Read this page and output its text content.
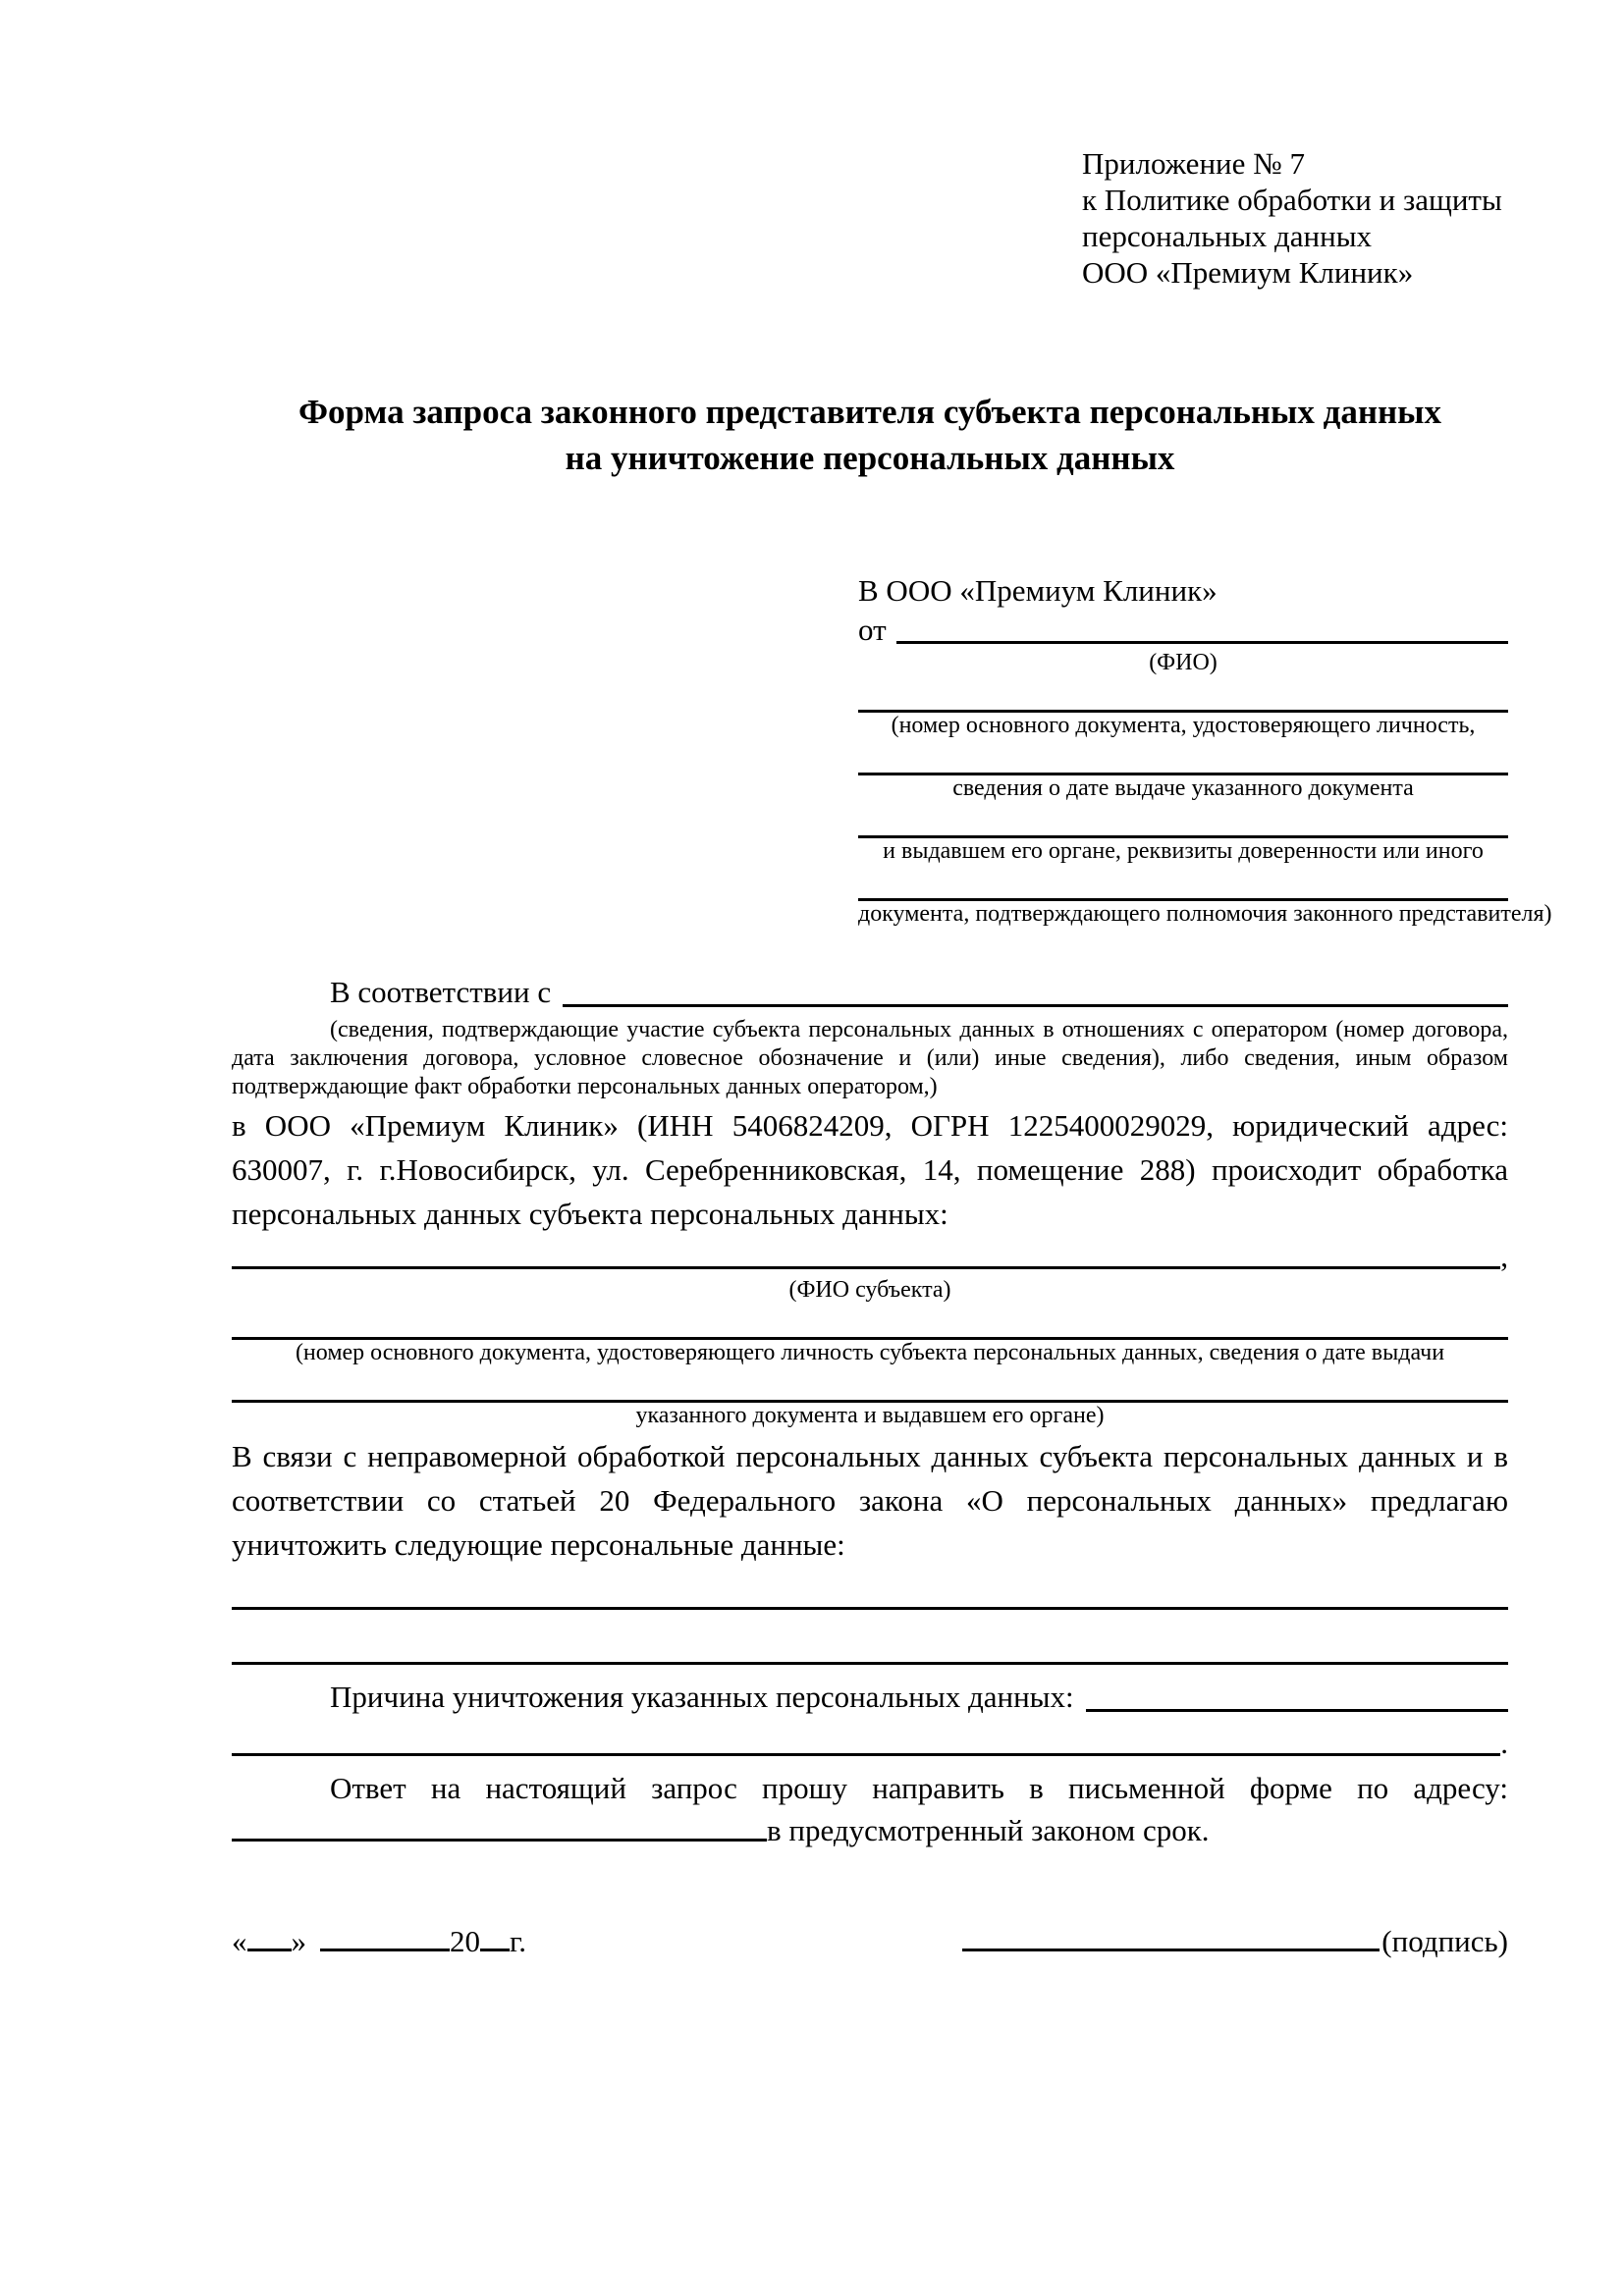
Приложение № 7
к Политике обработки и защиты
персональных данных
ООО «Премиум Клиник»
Форма запроса законного представителя субъекта персональных данных
на уничтожение персональных данных
В ООО «Премиум Клиник»
от
(ФИО)
(номер основного документа, удостоверяющего личность,
сведения о дате выдаче указанного документа
и выдавшем его органе, реквизиты доверенности или иного
документа, подтверждающего полномочия законного представителя)
В соответствии с
(сведения, подтверждающие участие субъекта персональных данных в отношениях с оператором (номер договора, дата заключения договора, условное словесное обозначение и (или) иные сведения), либо сведения, иным образом подтверждающие факт обработки персональных данных оператором,)

в ООО «Премиум Клиник» (ИНН 5406824209, ОГРН 1225400029029, юридический адрес: 630007, г. г.Новосибирск, ул. Серебренниковская, 14, помещение 288) происходит обработка персональных данных субъекта персональных данных:

,
(ФИО субъекта)
(номер основного документа, удостоверяющего личность субъекта персональных данных, сведения о дате выдачи
указанного документа и выдавшем его органе)

В связи с неправомерной обработкой персональных данных субъекта персональных данных и в соответствии со статьей 20 Федерального закона «О персональных данных» предлагаю уничтожить следующие персональные данные:

Причина уничтожения указанных персональных данных:
.

Ответ на настоящий запрос прошу направить в письменной форме по адресу:

в предусмотренный законом срок.
« »	20 г.	(подпись)
